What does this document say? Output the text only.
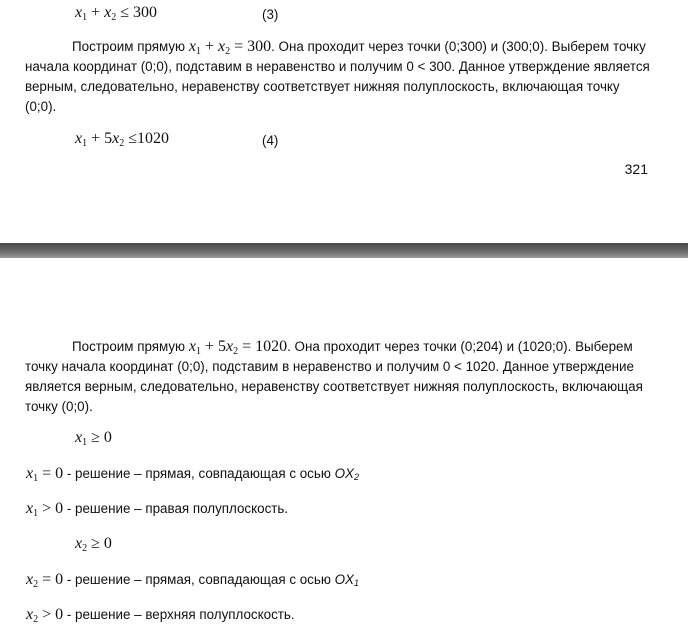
$x_1 + x_2 \le 300$	(3)
Построим прямую $x_1 + x_2 = 300$. Она проходит через точки (0;300) и (300;0). Выберем точку начала координат (0;0), подставим в неравенство и получим 0 < 300. Данное утверждение является верным, следовательно, неравенству соответствует нижняя полуплоскость, включающая точку (0;0).
$x_1 + 5x_2 \le 1020$	(4)
321
Построим прямую $x_1 + 5x_2 = 1020$. Она проходит через точки (0;204) и (1020;0). Выберем точку начала координат (0;0), подставим в неравенство и получим 0 < 1020. Данное утверждение является верным, следовательно, неравенству соответствует нижняя полуплоскость, включающая точку (0;0).
$x_1 \ge 0$
$x_1 = 0$ - решение – прямая, совпадающая с осью $OX_2$
$x_1 > 0$ - решение – правая полуплоскость.
$x_2 \ge 0$
$x_2 = 0$ - решение – прямая, совпадающая с осью $OX_1$
$x_2 > 0$ - решение – верхняя полуплоскость.
